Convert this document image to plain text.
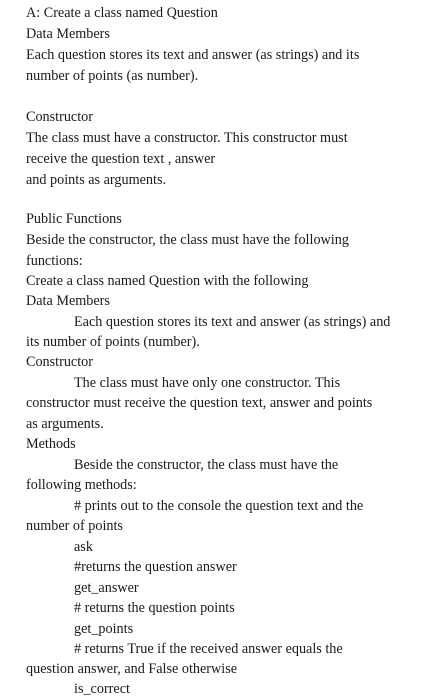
A: Create a class named Question
Data Members
Each question stores its text and answer (as strings) and its
number of points (as number).
Constructor
The class must have a constructor. This constructor must
receive the question text , answer
and points as arguments.
Public Functions
Beside the constructor, the class must have the following
functions:
Create a class named Question with the following
Data Members
Each question stores its text and answer (as strings) and
its number of points (number).
Constructor
The class must have only one constructor. This
constructor must receive the question text, answer and points
as arguments.
Methods
Beside the constructor, the class must have the
following methods:
# prints out to the console the question text and the
number of points
ask
#returns the question answer
get_answer
# returns the question points
get_points
# returns True if the received answer equals the
question answer, and False otherwise
is_correct
